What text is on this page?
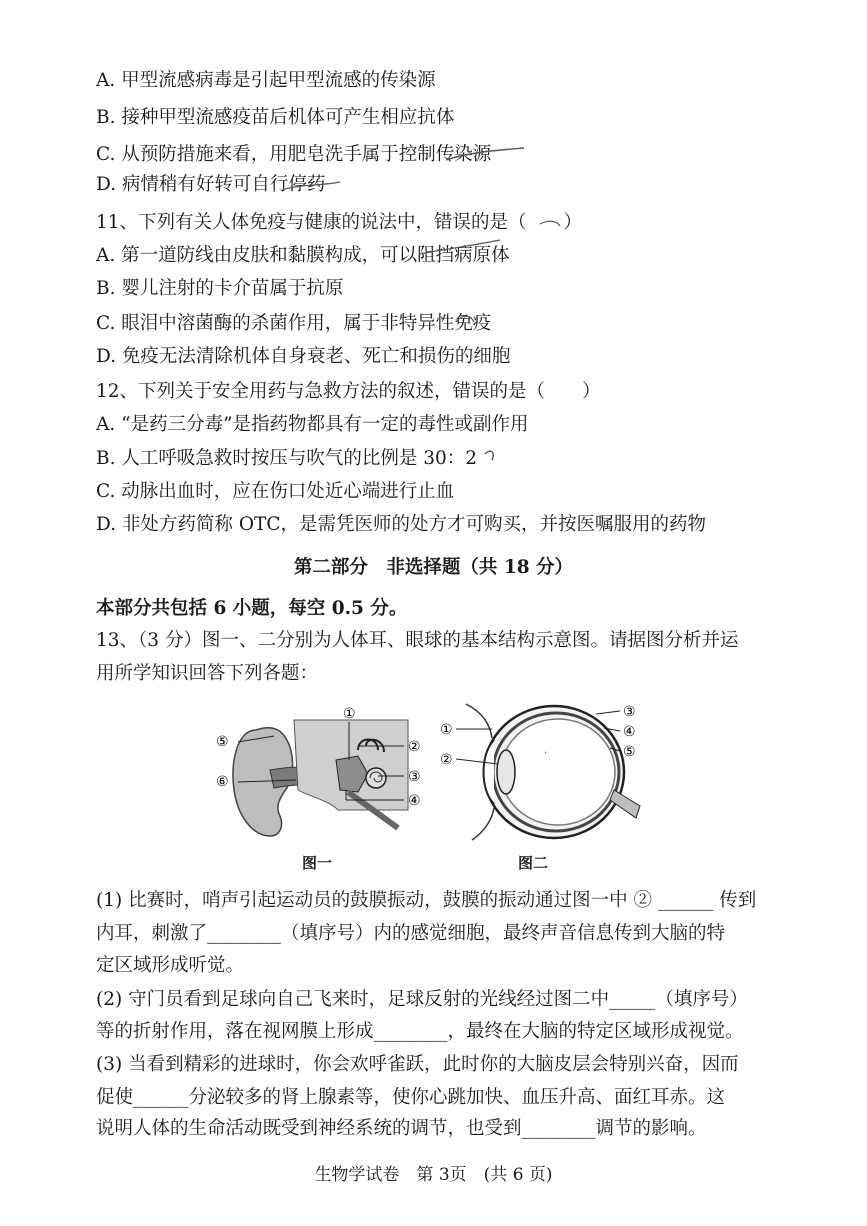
A. 甲型流感病毒是引起甲型流感的传染源
B. 接种甲型流感疫苗后机体可产生相应抗体
C. 从预防措施来看，用肥皂洗手属于控制传染源
D. 病情稍有好转可自行停药
11、下列有关人体免疫与健康的说法中，错误的是（　　）
A. 第一道防线由皮肤和黏膜构成，可以阻挡病原体
B. 婴儿注射的卡介苗属于抗原
C. 眼泪中溶菌酶的杀菌作用，属于非特异性免疫
D. 免疫无法清除机体自身衰老、死亡和损伤的细胞
12、下列关于安全用药与急救方法的叙述，错误的是（　　）
A. “是药三分毒”是指药物都具有一定的毒性或副作用
B. 人工呼吸急救时按压与吹气的比例是 30：2
C. 动脉出血时，应在伤口处近心端进行止血
D. 非处方药简称 OTC，是需凭医师的处方才可购买，并按医嘱服用的药物
第二部分　非选择题（共 18 分）
本部分共包括 6 小题，每空 0.5 分。
13、（3 分）图一、二分别为人体耳、眼球的基本结构示意图。请据图分析并运
用所学知识回答下列各题：
①
②
③
④
⑤
⑥
图一
·
①
②
③
④
⑤
图二
(1) 比赛时，哨声引起运动员的鼓膜振动，鼓膜的振动通过图一中 ② ______ 传到
内耳，刺激了________（填序号）内的感觉细胞，最终声音信息传到大脑的特
定区域形成听觉。
(2) 守门员看到足球向自己飞来时，足球反射的光线经过图二中_____（填序号）
等的折射作用，落在视网膜上形成________，最终在大脑的特定区域形成视觉。
(3) 当看到精彩的进球时，你会欢呼雀跃，此时你的大脑皮层会特别兴奋，因而
促使______分泌较多的肾上腺素等，使你心跳加快、血压升高、面红耳赤。这
说明人体的生命活动既受到神经系统的调节，也受到________调节的影响。
生物学试卷　第 3页　(共 6 页)
